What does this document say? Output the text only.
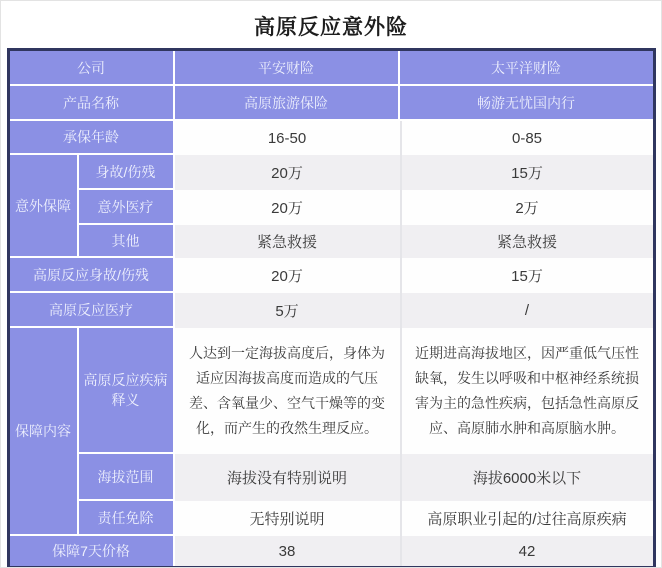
高原反应意外险
公司		平安财险	太平洋财险
产品名称		高原旅游保险	畅游无忧国内行
承保年龄		16-50	0-85
意外保障	身故/伤残	20万	15万
	意外医疗	20万	2万
	其他	紧急救援	紧急救援
高原反应身故/伤残		20万	15万
高原反应医疗		5万	/
保障内容	高原反应疾病释义	人达到一定海拔高度后，身体为适应因海拔高度而造成的气压差、含氧量少、空气干燥等的变化，而产生的孜然生理反应。	近期进高海拔地区，因严重低气压性缺氧，发生以呼吸和中枢神经系统损害为主的急性疾病，包括急性高原反应、高原肺水肿和高原脑水肿。
	海拔范围	海拔没有特别说明	海拔6000米以下
	责任免除	无特别说明	高原职业引起的/过往高原疾病
保障7天价格		38	42
